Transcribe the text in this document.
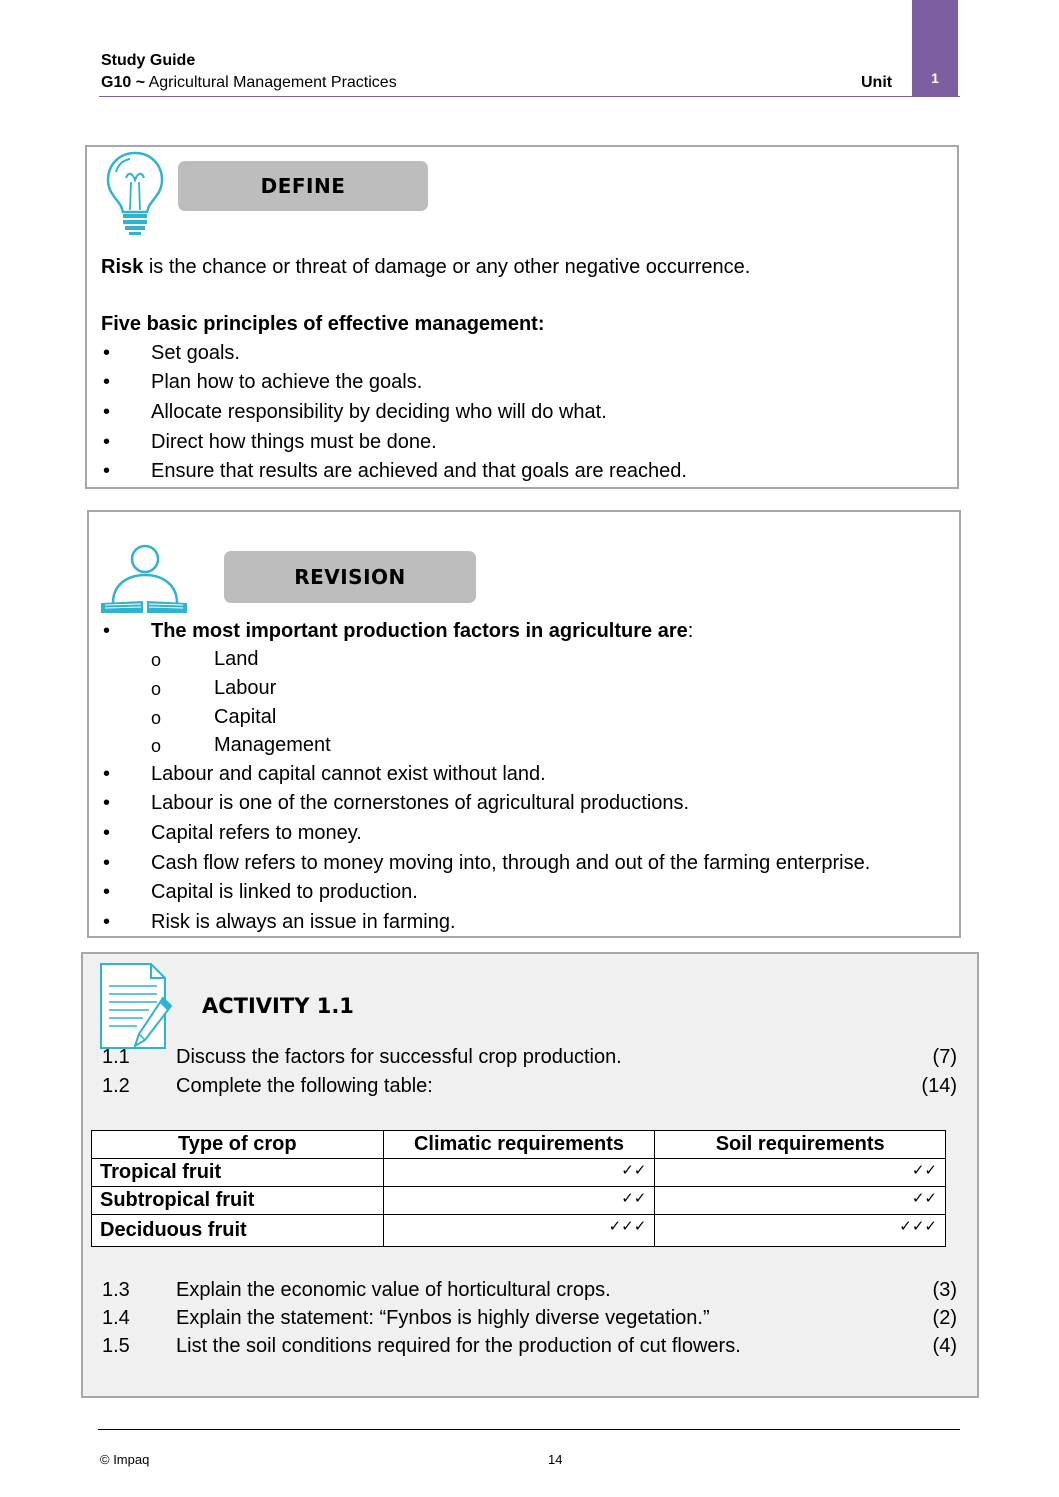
Study Guide
G10 ~ Agricultural Management Practices	Unit	1
DEFINE
Risk is the chance or threat of damage or any other negative occurrence.
Five basic principles of effective management:
• Set goals.
• Plan how to achieve the goals.
• Allocate responsibility by deciding who will do what.
• Direct how things must be done.
• Ensure that results are achieved and that goals are reached.
REVISION
• The most important production factors in agriculture are:
o	Land
o	Labour
o	Capital
o	Management
• Labour and capital cannot exist without land.
• Labour is one of the cornerstones of agricultural productions.
• Capital refers to money.
• Cash flow refers to money moving into, through and out of the farming enterprise.
• Capital is linked to production.
• Risk is always an issue in farming.
ACTIVITY 1.1
1.1 Discuss the factors for successful crop production.	(7)
1.2 Complete the following table:	(14)
Type of crop	Climatic requirements	Soil requirements
Tropical fruit	✓✓	✓✓
Subtropical fruit	✓✓	✓✓
Deciduous fruit	✓✓✓	✓✓✓
1.3 Explain the economic value of horticultural crops.	(3)
1.4 Explain the statement: “Fynbos is highly diverse vegetation.”	(2)
1.5 List the soil conditions required for the production of cut flowers.	(4)
© Impaq	14
